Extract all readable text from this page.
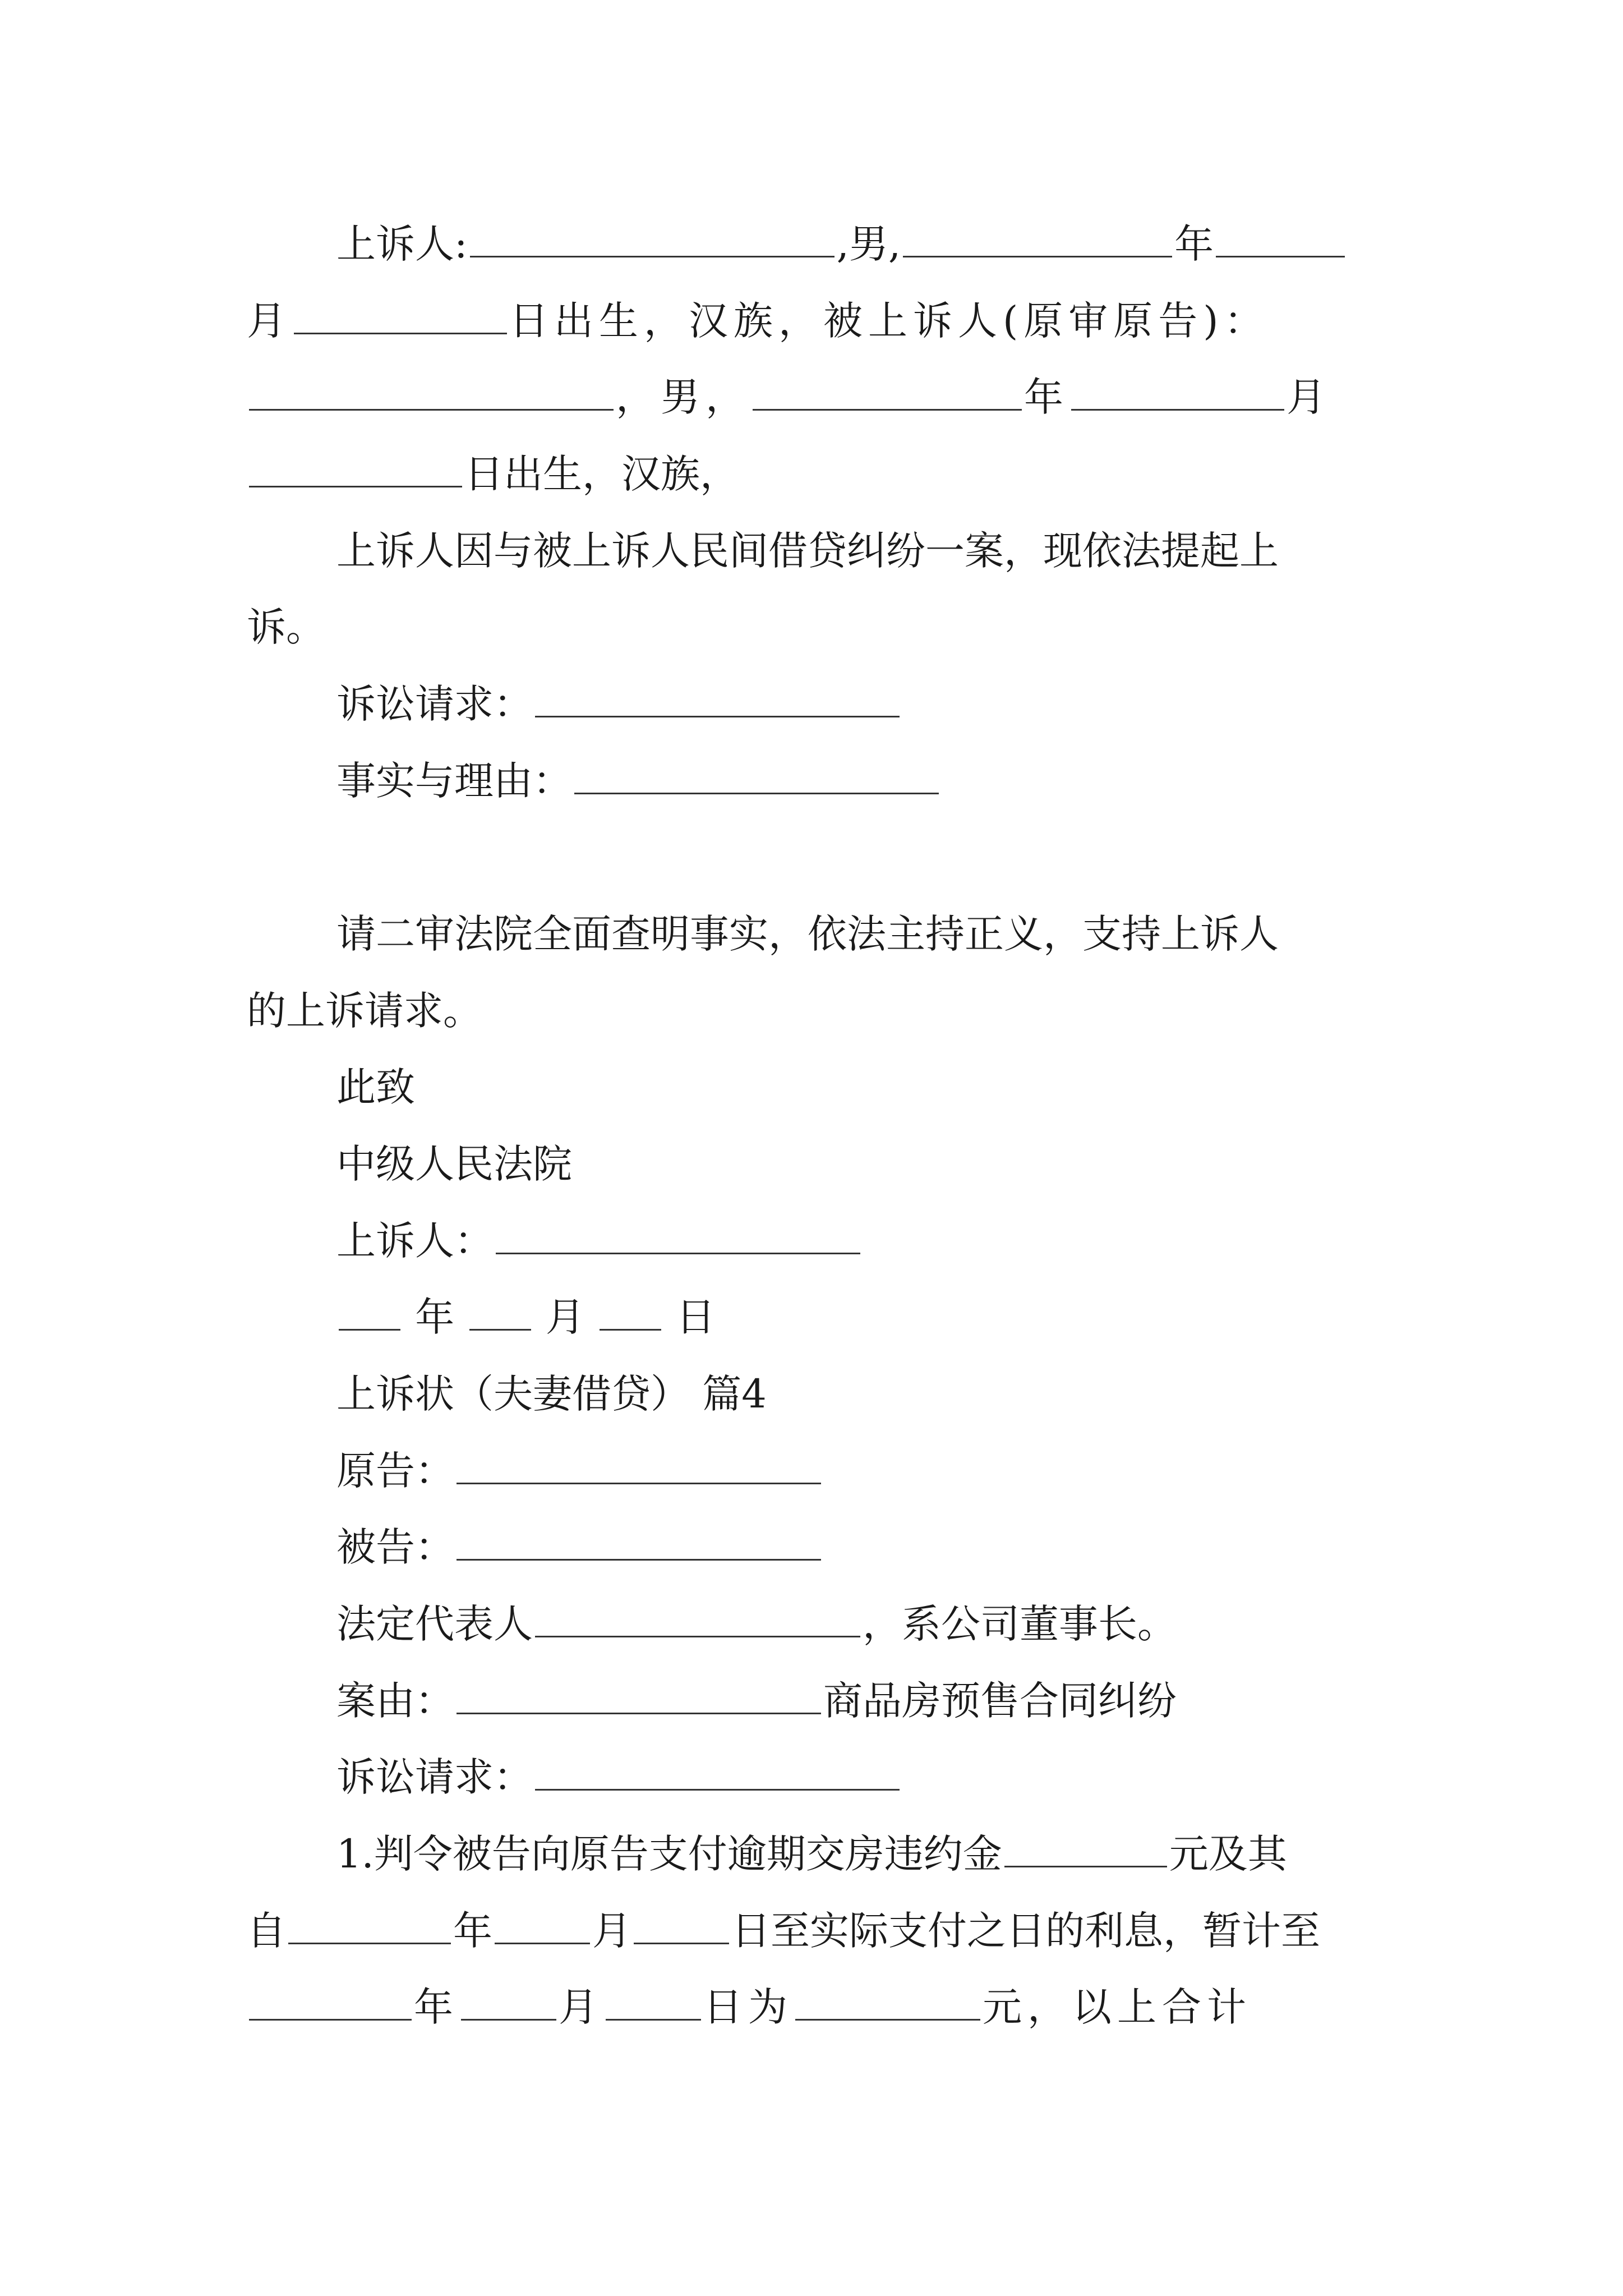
上诉人:	,男,	年
月	日出生，汉族，被上诉人(原审原告)：
，男，	年	月
日出生，汉族，
上诉人因与被上诉人民间借贷纠纷一案，现依法提起上
诉。
诉讼请求：
事实与理由：
请二审法院全面查明事实，依法主持正义，支持上诉人
的上诉请求。
此致
中级人民法院
上诉人：
年 月 日
上诉状（夫妻借贷） 篇4
原告：
被告：
法定代表人	，系公司董事长。
案由：	商品房预售合同纠纷
诉讼请求：
1.判令被告向原告支付逾期交房违约金	元及其
自	年	月	日至实际支付之日的利息，暂计至
年	月	日为	元，以上合计
